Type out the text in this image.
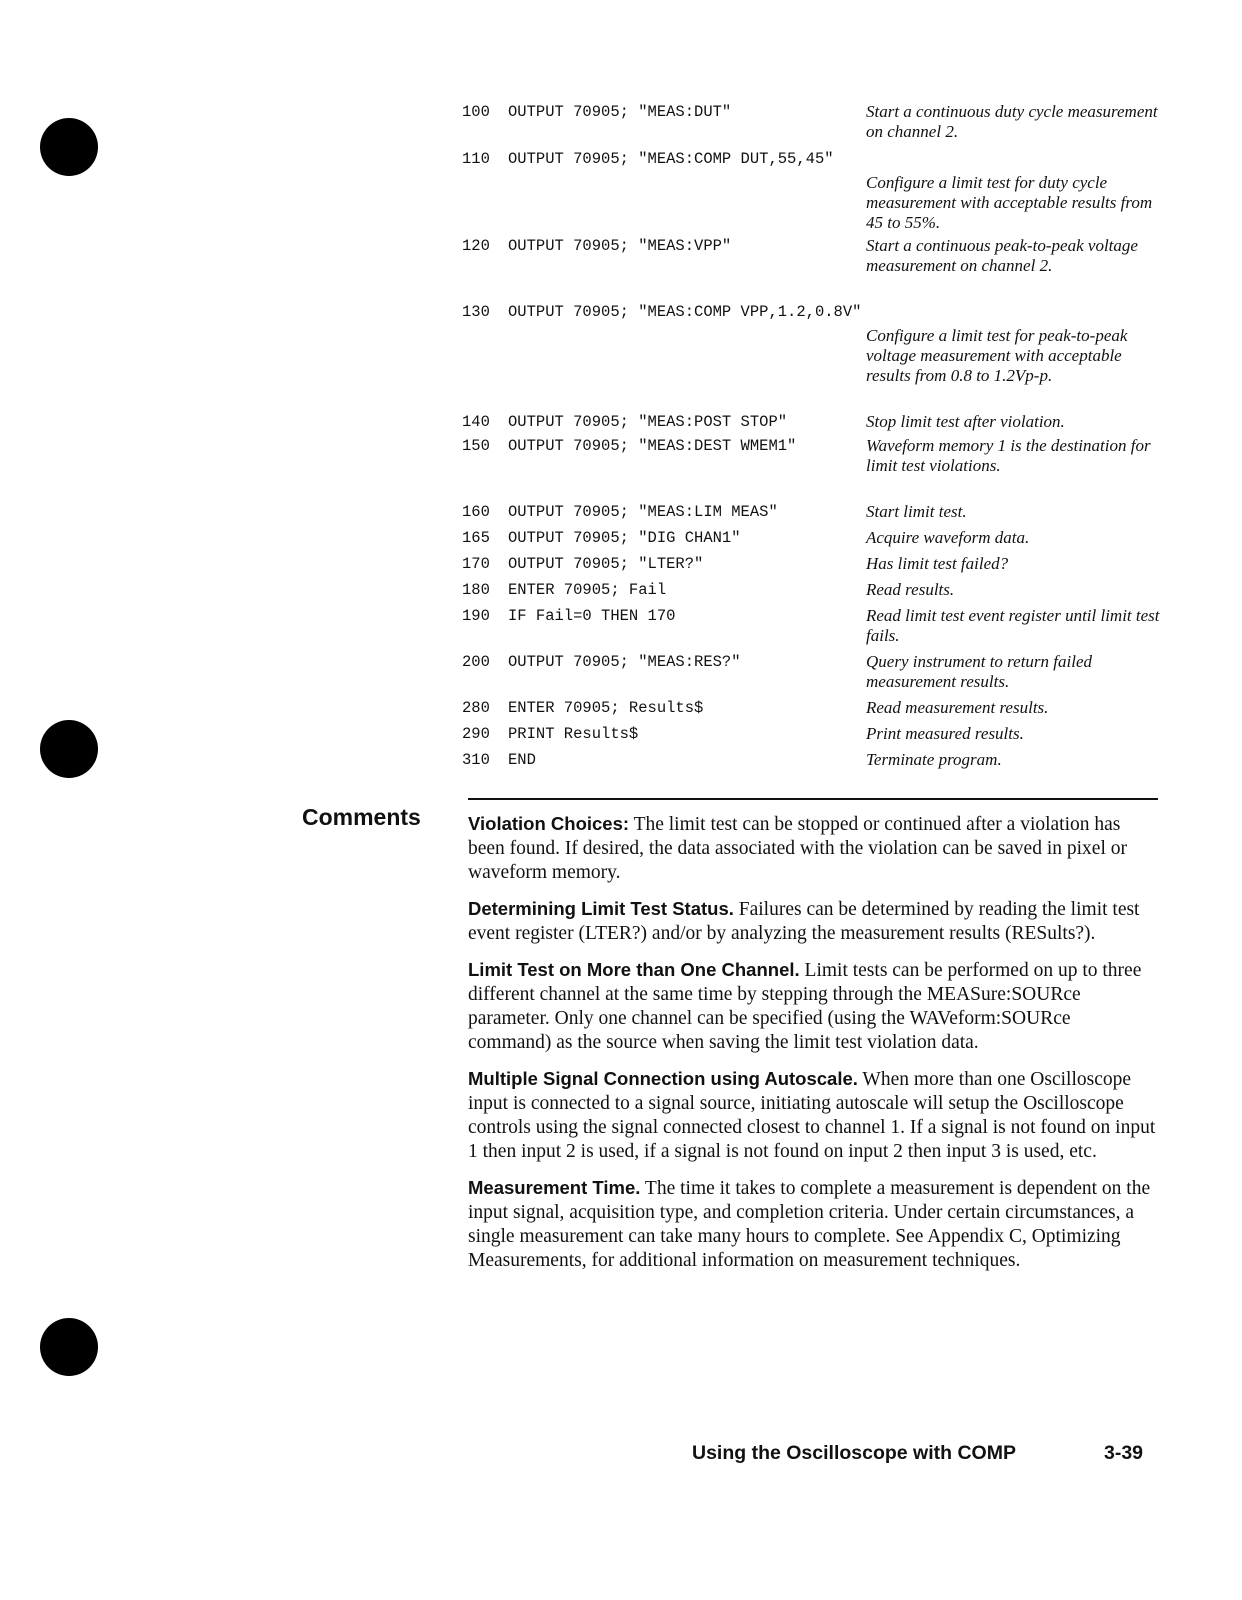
100 OUTPUT 70905; "MEAS:DUT"	Start a continuous duty cycle measurement on channel 2.
110 OUTPUT 70905; "MEAS:COMP DUT,55,45"
Configure a limit test for duty cycle measurement with acceptable results from 45 to 55%.
120 OUTPUT 70905; "MEAS:VPP"	Start a continuous peak-to-peak voltage measurement on channel 2.
130 OUTPUT 70905; "MEAS:COMP VPP,1.2,0.8V"
Configure a limit test for peak-to-peak voltage measurement with acceptable results from 0.8 to 1.2Vp-p.
140 OUTPUT 70905; "MEAS:POST STOP"	Stop limit test after violation.
150 OUTPUT 70905; "MEAS:DEST WMEM1"	Waveform memory 1 is the destination for limit test violations.
160 OUTPUT 70905; "MEAS:LIM MEAS"	Start limit test.
165 OUTPUT 70905; "DIG CHAN1"	Acquire waveform data.
170 OUTPUT 70905; "LTER?"	Has limit test failed?
180 ENTER 70905; Fail	Read results.
190 IF Fail=0 THEN 170	Read limit test event register until limit test fails.
200 OUTPUT 70905; "MEAS:RES?"	Query instrument to return failed measurement results.
280 ENTER 70905; Results$	Read measurement results.
290 PRINT Results$	Print measured results.
310 END	Terminate program.
Comments	Violation Choices: The limit test can be stopped or continued after a violation has been found. If desired, the data associated with the violation can be saved in pixel or waveform memory.

Determining Limit Test Status. Failures can be determined by reading the limit test event register (LTER?) and/or by analyzing the measurement results (RESults?).

Limit Test on More than One Channel. Limit tests can be performed on up to three different channel at the same time by stepping through the MEASure:SOURce parameter. Only one channel can be specified (using the WAVeform:SOURce command) as the source when saving the limit test violation data.

Multiple Signal Connection using Autoscale. When more than one Oscilloscope input is connected to a signal source, initiating autoscale will setup the Oscilloscope controls using the signal connected closest to channel 1. If a signal is not found on input 1 then input 2 is used, if a signal is not found on input 2 then input 3 is used, etc.

Measurement Time. The time it takes to complete a measurement is dependent on the input signal, acquisition type, and completion criteria. Under certain circumstances, a single measurement can take many hours to complete. See Appendix C, Optimizing Measurements, for additional information on measurement techniques.

Using the Oscilloscope with COMP	3-39
